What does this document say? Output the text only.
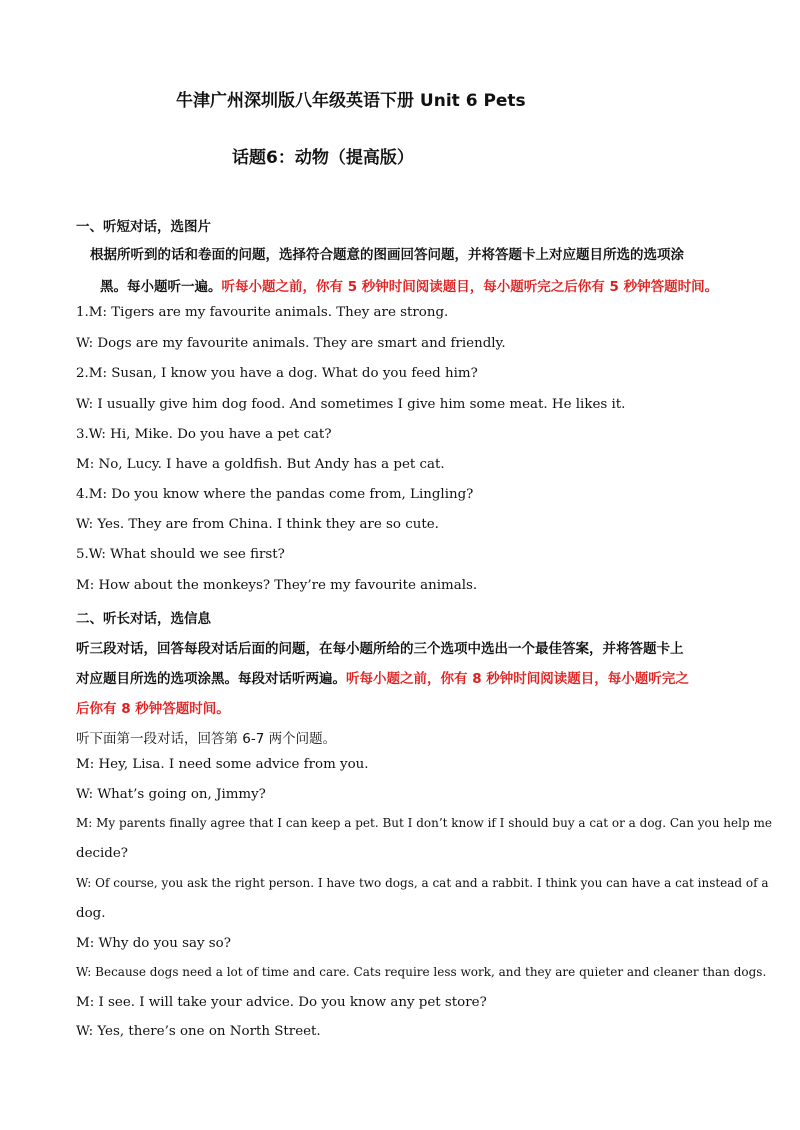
牛津广州深圳版八年级英语下册 Unit 6 Pets
话题6：动物（提高版）
一、听短对话，选图片
根据所听到的话和卷面的问题，选择符合题意的图画回答问题，并将答题卡上对应题目所选的选项涂
黑。每小题听一遍。听每小题之前，你有 5 秒钟时间阅读题目，每小题听完之后你有 5 秒钟答题时间。
1.M: Tigers are my favourite animals. They are strong.
W: Dogs are my favourite animals. They are smart and friendly.
2.M: Susan, I know you have a dog. What do you feed him?
W: I usually give him dog food. And sometimes I give him some meat. He likes it.
3.W: Hi, Mike. Do you have a pet cat?
M: No, Lucy. I have a goldfish. But Andy has a pet cat.
4.M: Do you know where the pandas come from, Lingling?
W: Yes. They are from China. I think they are so cute.
5.W: What should we see first?
M: How about the monkeys? They’re my favourite animals.
二、听长对话，选信息
听三段对话，回答每段对话后面的问题，在每小题所给的三个选项中选出一个最佳答案，并将答题卡上
对应题目所选的选项涂黑。每段对话听两遍。听每小题之前，你有 8 秒钟时间阅读题目，每小题听完之
后你有 8 秒钟答题时间。
听下面第一段对话，回答第 6-7 两个问题。
M: Hey, Lisa. I need some advice from you.
W: What’s going on, Jimmy?
M: My parents finally agree that I can keep a pet. But I don’t know if I should buy a cat or a dog. Can you help me
decide?
W: Of course, you ask the right person. I have two dogs, a cat and a rabbit. I think you can have a cat instead of a
dog.
M: Why do you say so?
W: Because dogs need a lot of time and care. Cats require less work, and they are quieter and cleaner than dogs.
M: I see. I will take your advice. Do you know any pet store?
W: Yes, there’s one on North Street.
